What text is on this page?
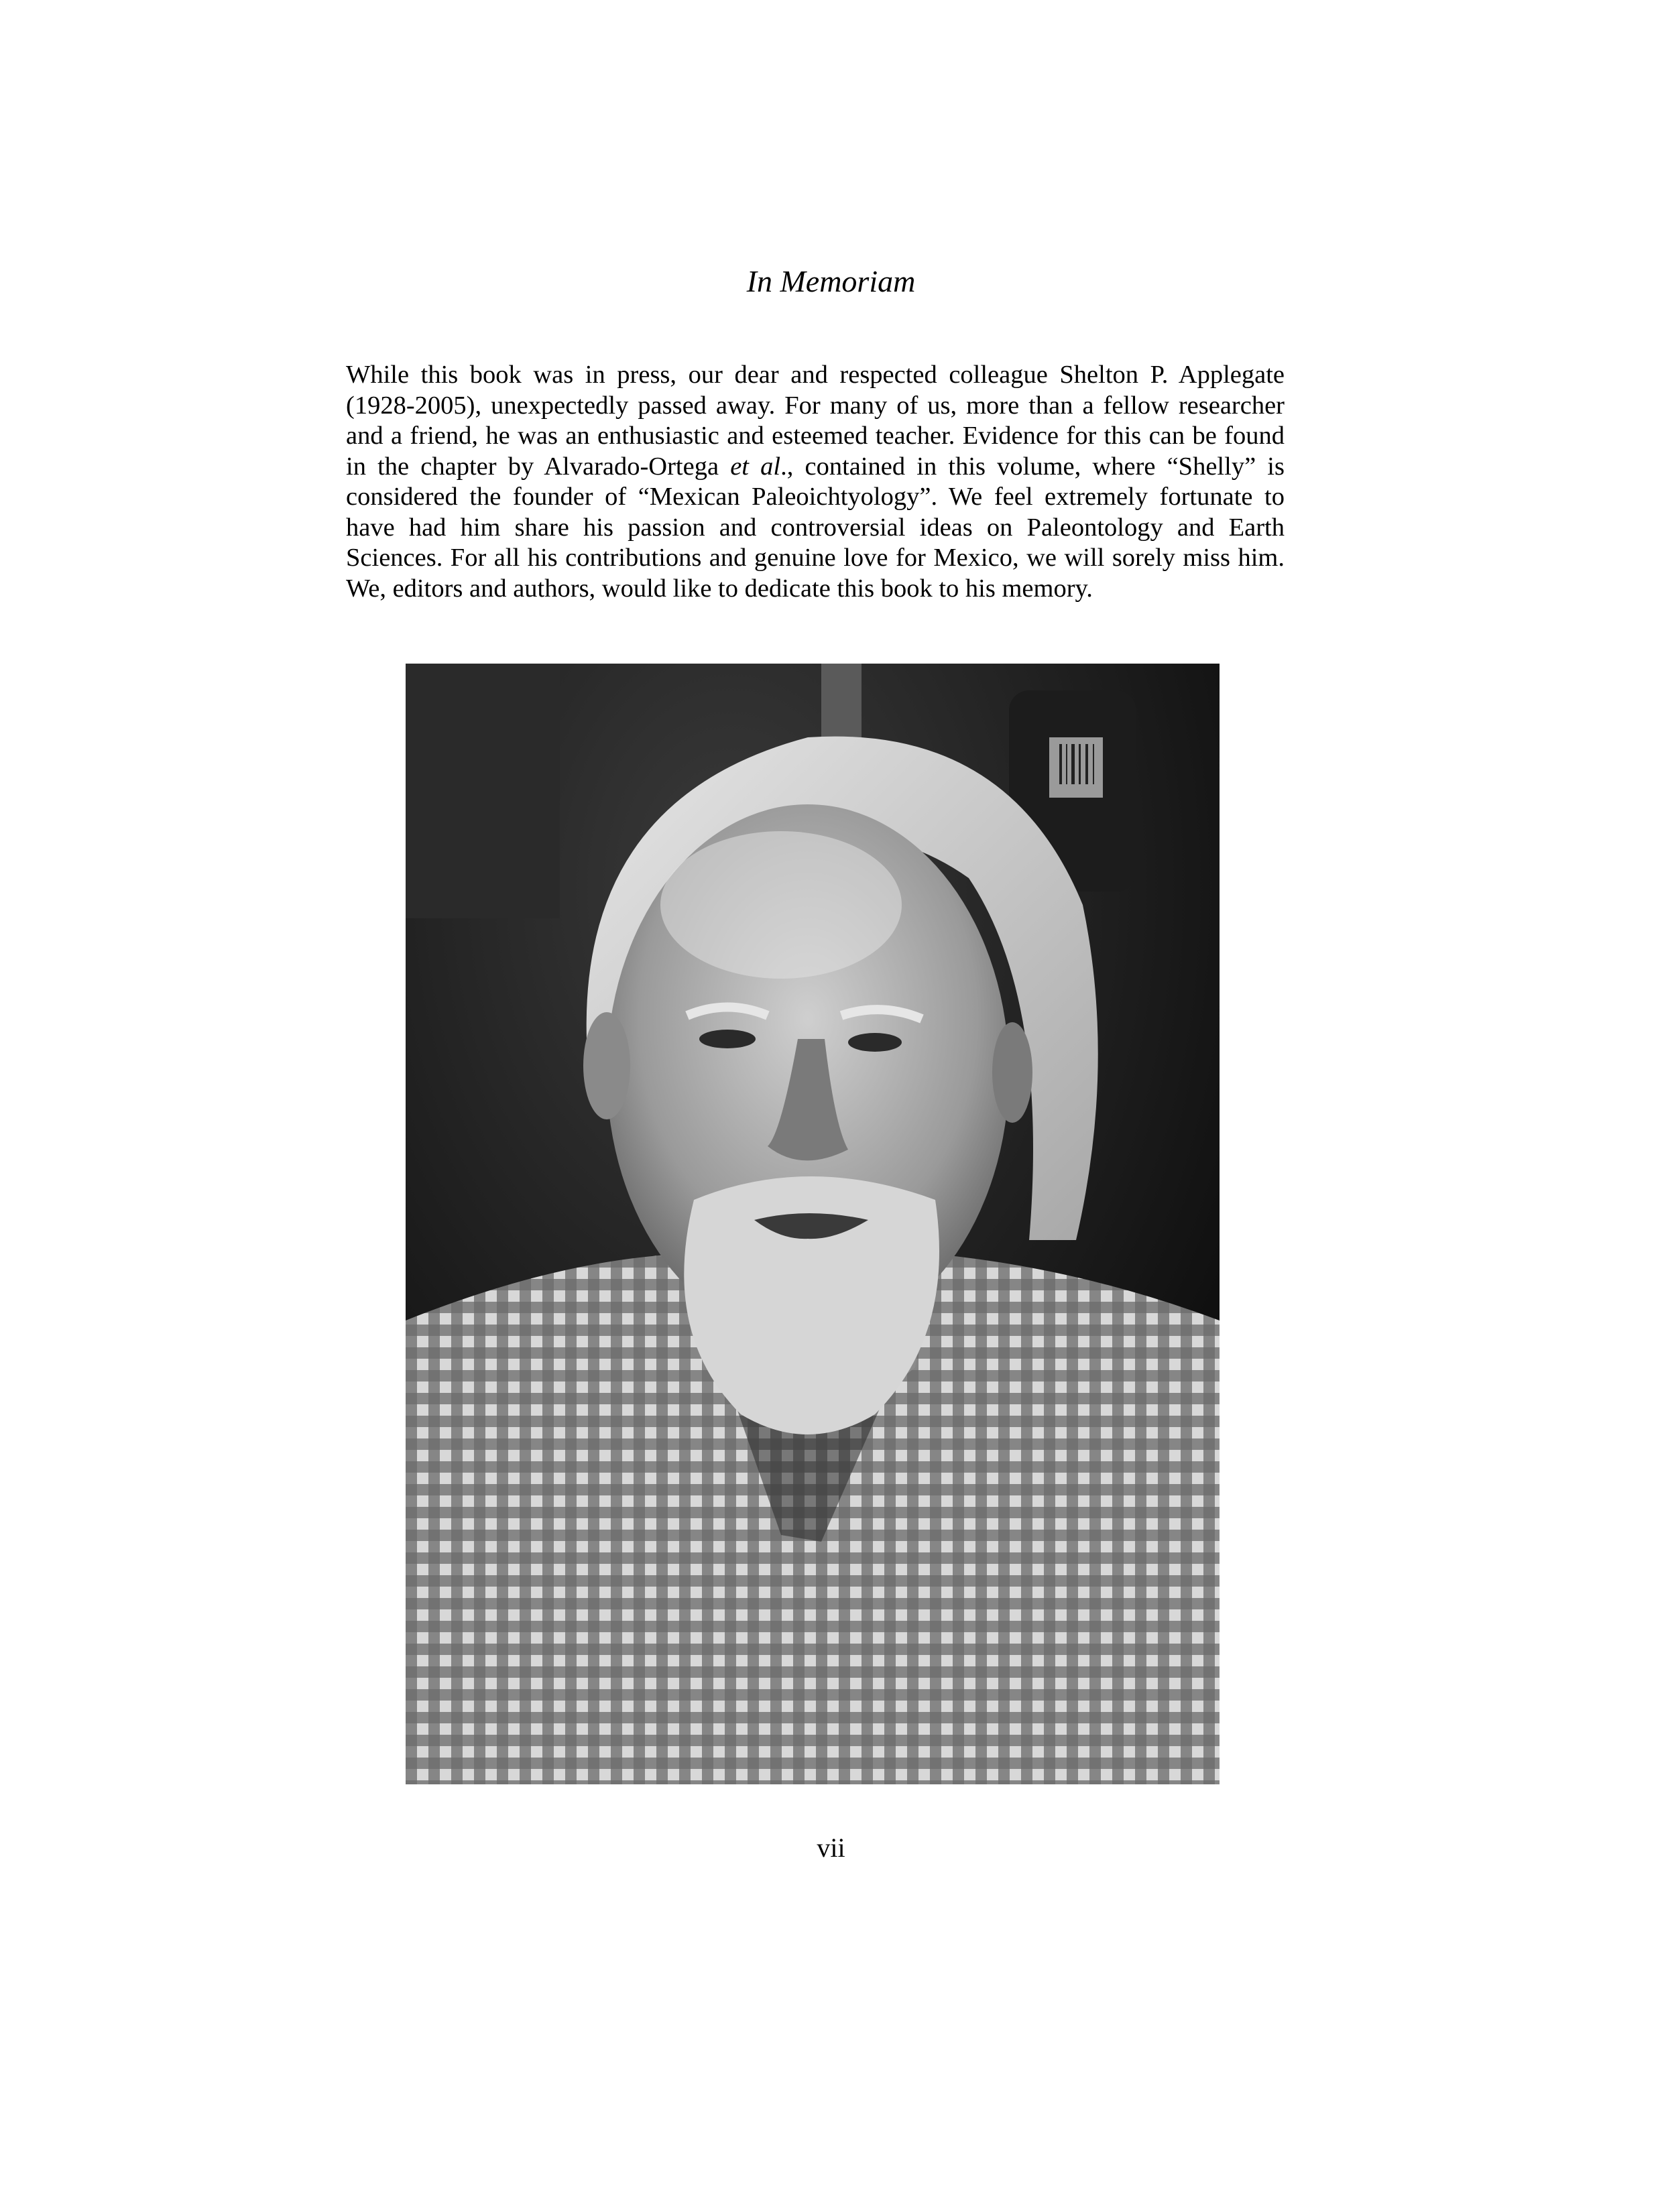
In Memoriam

While this book was in press, our dear and respected colleague Shelton P. Applegate (1928-2005), unexpectedly passed away. For many of us, more than a fellow researcher and a friend, he was an enthusiastic and esteemed teacher. Evidence for this can be found in the chapter by Alvarado-Ortega et al., contained in this volume, where “Shelly” is considered the founder of “Mexican Paleoichtyology”. We feel extremely fortunate to have had him share his passion and controversial ideas on Paleontology and Earth Sciences. For all his contributions and genuine love for Mexico, we will sorely miss him. We, editors and authors, would like to dedicate this book to his memory.

vii
